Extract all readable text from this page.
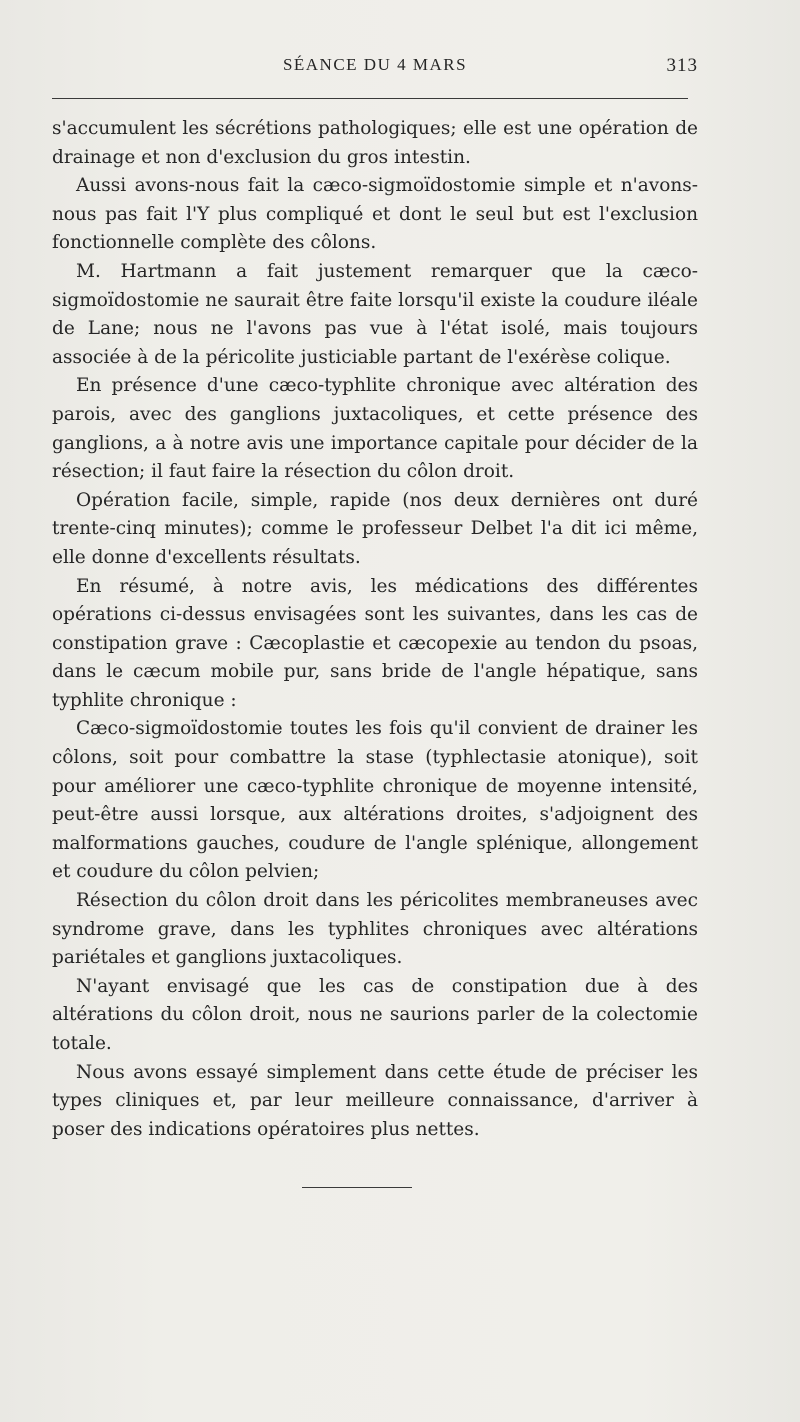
SÉANCE DU 4 MARS	313

s'accumulent les sécrétions pathologiques; elle est une opération de drainage et non d'exclusion du gros intestin.

Aussi avons-nous fait la cæco-sigmoïdostomie simple et n'avons-nous pas fait l'Y plus compliqué et dont le seul but est l'exclusion fonctionnelle complète des côlons.

M. Hartmann a fait justement remarquer que la cæco-sigmoïdostomie ne saurait être faite lorsqu'il existe la coudure iléale de Lane; nous ne l'avons pas vue à l'état isolé, mais toujours associée à de la péricolite justiciable partant de l'exérèse colique.

En présence d'une cæco-typhlite chronique avec altération des parois, avec des ganglions juxtacoliques, et cette présence des ganglions, a à notre avis une importance capitale pour décider de la résection; il faut faire la résection du côlon droit.

Opération facile, simple, rapide (nos deux dernières ont duré trente-cinq minutes); comme le professeur Delbet l'a dit ici même, elle donne d'excellents résultats.

En résumé, à notre avis, les médications des différentes opérations ci-dessus envisagées sont les suivantes, dans les cas de constipation grave : Cæcoplastie et cæcopexie au tendon du psoas, dans le cæcum mobile pur, sans bride de l'angle hépatique, sans typhlite chronique :

Cæco-sigmoïdostomie toutes les fois qu'il convient de drainer les côlons, soit pour combattre la stase (typhlectasie atonique), soit pour améliorer une cæco-typhlite chronique de moyenne intensité, peut-être aussi lorsque, aux altérations droites, s'adjoignent des malformations gauches, coudure de l'angle splénique, allongement et coudure du côlon pelvien;

Résection du côlon droit dans les péricolites membraneuses avec syndrome grave, dans les typhlites chroniques avec altérations pariétales et ganglions juxtacoliques.

N'ayant envisagé que les cas de constipation due à des altérations du côlon droit, nous ne saurions parler de la colectomie totale.

Nous avons essayé simplement dans cette étude de préciser les types cliniques et, par leur meilleure connaissance, d'arriver à poser des indications opératoires plus nettes.
